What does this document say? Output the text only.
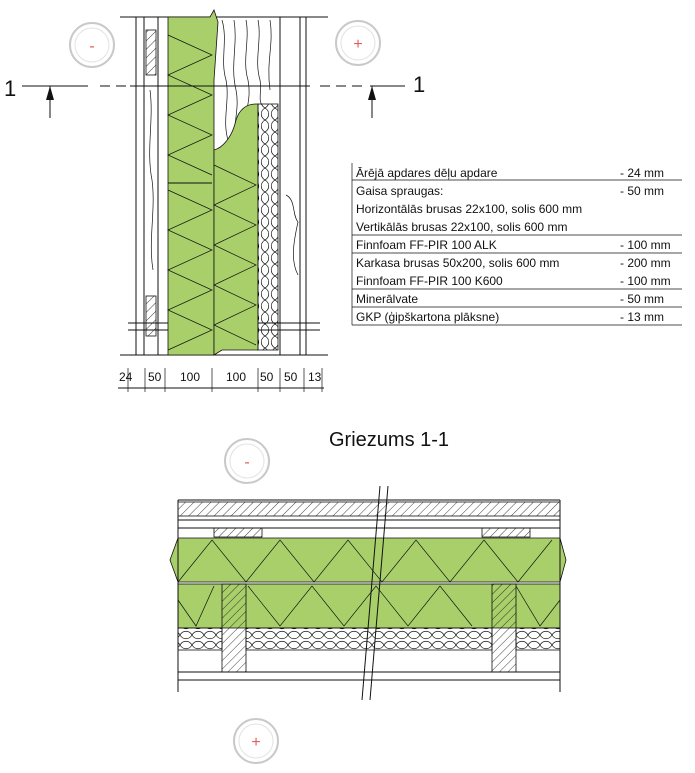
1	1
Griezums 1-1
24 50 100 100 50 50 13
Ārējā apdares dēļu apdare	- 24 mm
Gaisa spraugas:	- 50 mm
Horizontālās brusas 22x100, solis 600 mm
Vertikālās brusas 22x100, solis 600 mm
Finnfoam FF-PIR 100 ALK	- 100 mm
Karkasa brusas 50x200, solis 600 mm	- 200 mm
Finnfoam FF-PIR 100 K600	- 100 mm
Minerālvate	- 50 mm
GKP (ģipškartona plāksne)	- 13 mm
-	+
-
+
